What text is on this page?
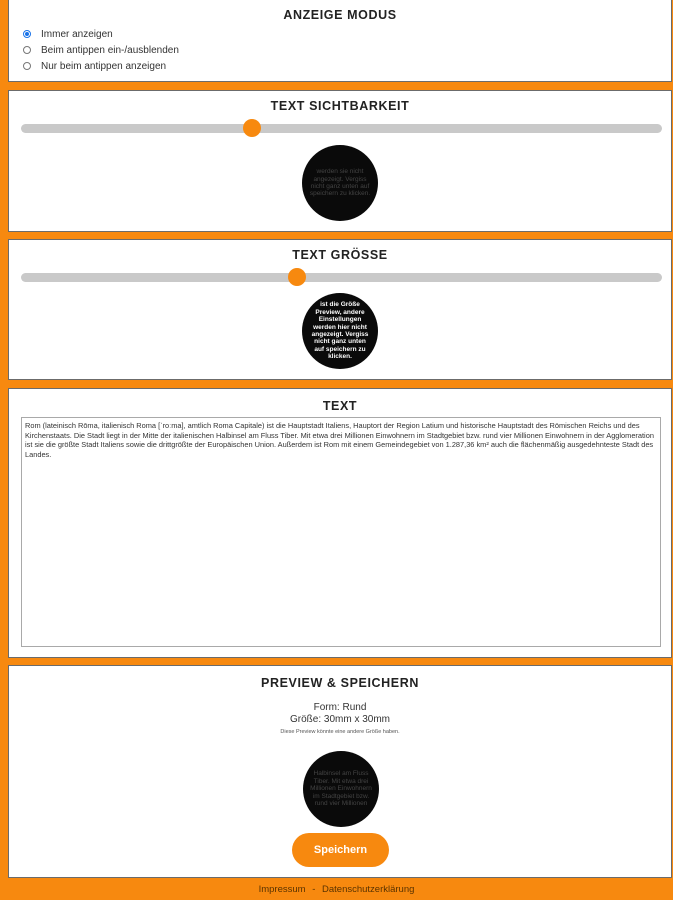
ANZEIGE MODUS
Immer anzeigen
Beim antippen ein-/ausblenden
Nur beim antippen anzeigen
TEXT SICHTBARKEIT
werden sie nicht angezeigt. Vergiss nicht ganz unten auf speichern zu klicken.
TEXT GRÖSSE
ist die Größe Preview, andere Einstellungen werden hier nicht angezeigt. Vergiss nicht ganz unten auf speichern zu klicken.
TEXT
Rom (lateinisch Rōma, italienisch Roma [ˈroːma], amtlich Roma Capitale) ist die Hauptstadt Italiens, Hauptort der Region Latium und historische Hauptstadt des Römischen Reichs und des Kirchenstaats. Die Stadt liegt in der Mitte der italienischen Halbinsel am Fluss Tiber. Mit etwa drei Millionen Einwohnern im Stadtgebiet bzw. rund vier Millionen Einwohnern in der Agglomeration ist sie die größte Stadt Italiens sowie die drittgrößte der Europäischen Union. Außerdem ist Rom mit einem Gemeindegebiet von 1.287,36 km² auch die flächenmäßig ausgedehnteste Stadt des Landes.
PREVIEW & SPEICHERN
Form: Rund
Größe: 30mm x 30mm
Diese Preview könnte eine andere Größe haben.
Halbinsel am Fluss Tiber. Mit etwa drei Millionen Einwohnern im Stadtgebiet bzw. rund vier Millionen
Speichern
Impressum - Datenschutzerklärung
